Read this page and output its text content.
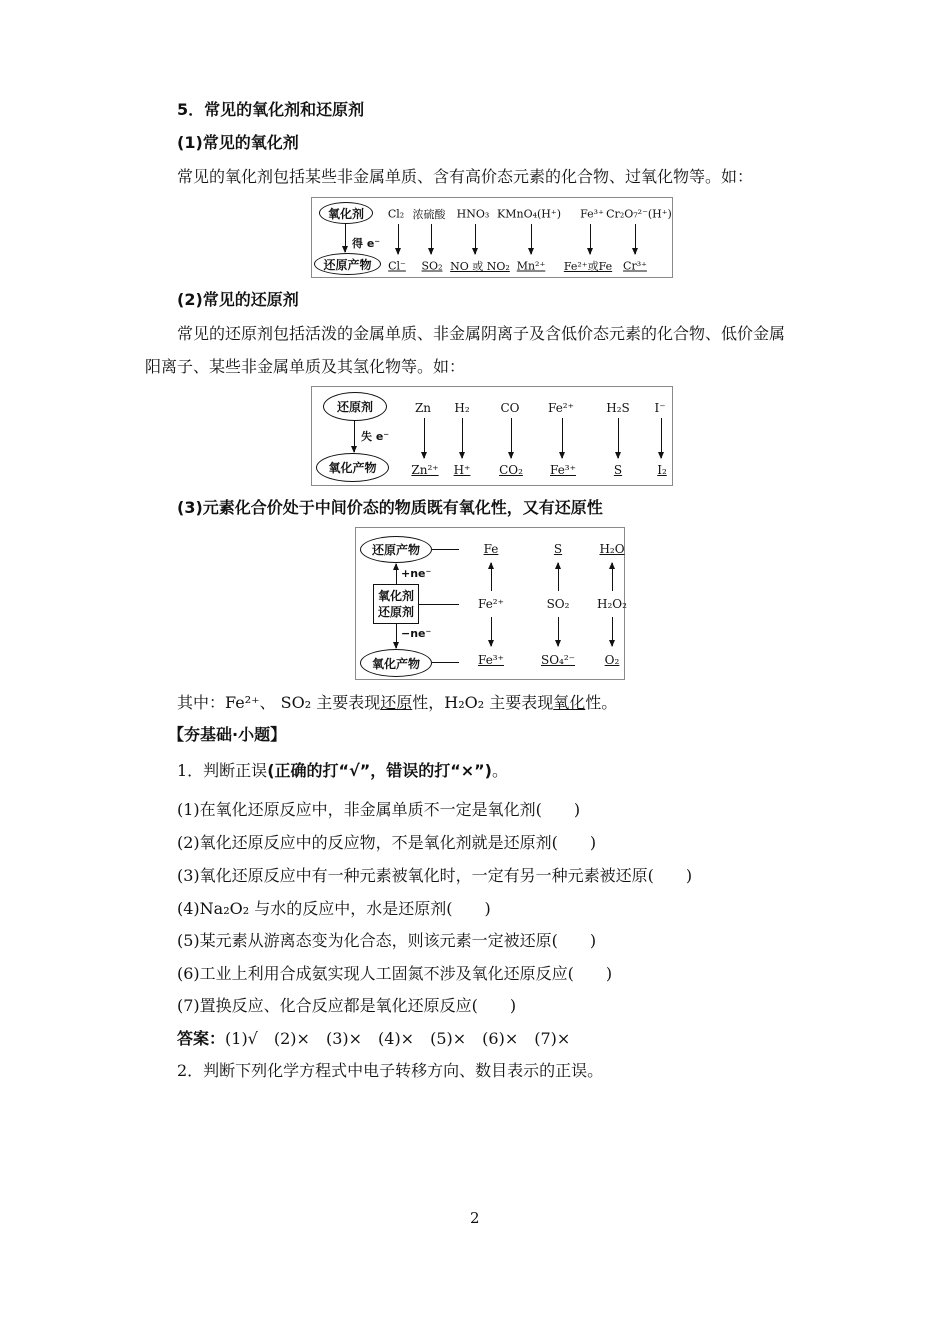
5．常见的氧化剂和还原剂
(1)常见的氧化剂
常见的氧化剂包括某些非金属单质、含有高价态元素的化合物、过氧化物等。如：
氧化剂
还原产物
得 e⁻
Cl₂ 浓硫酸 HNO₃ KMnO₄(H⁺) Fe³⁺ Cr₂O₇²⁻(H⁺)
Cl⁻ SO₂ NO 或 NO₂ Mn²⁺ Fe²⁺或Fe Cr³⁺
(2)常见的还原剂
常见的还原剂包括活泼的金属单质、非金属阴离子及含低价态元素的化合物、低价金属
阳离子、某些非金属单质及其氢化物等。如：
还原剂
氧化产物
失 e⁻
Zn H₂	CO Fe²⁺	H₂S I⁻
Zn²⁺ H⁺ CO₂ Fe³⁺	S	I₂
(3)元素化合价处于中间价态的物质既有氧化性，又有还原性
还原产物
+ne⁻
氧化剂
还原剂
−ne⁻
氧化产物
Fe	S	H₂O
Fe²⁺	SO₂ H₂O₂
Fe³⁺	SO₄²⁻ O₂
其中：Fe²⁺、 SO₂ 主要表现还原性，H₂O₂ 主要表现氧化性。
【夯基础·小题】
1．判断正误(正确的打“√”，错误的打“×”)。
(1)在氧化还原反应中，非金属单质不一定是氧化剂(　　)
(2)氧化还原反应中的反应物，不是氧化剂就是还原剂(　　)
(3)氧化还原反应中有一种元素被氧化时，一定有另一种元素被还原(　　)
(4)Na₂O₂ 与水的反应中，水是还原剂(　　)
(5)某元素从游离态变为化合态，则该元素一定被还原(　　)
(6)工业上利用合成氨实现人工固氮不涉及氧化还原反应(　　)
(7)置换反应、化合反应都是氧化还原反应(　　)
答案：(1)√　(2)×　(3)×　(4)×　(5)×　(6)×　(7)×
2．判断下列化学方程式中电子转移方向、数目表示的正误。
2
